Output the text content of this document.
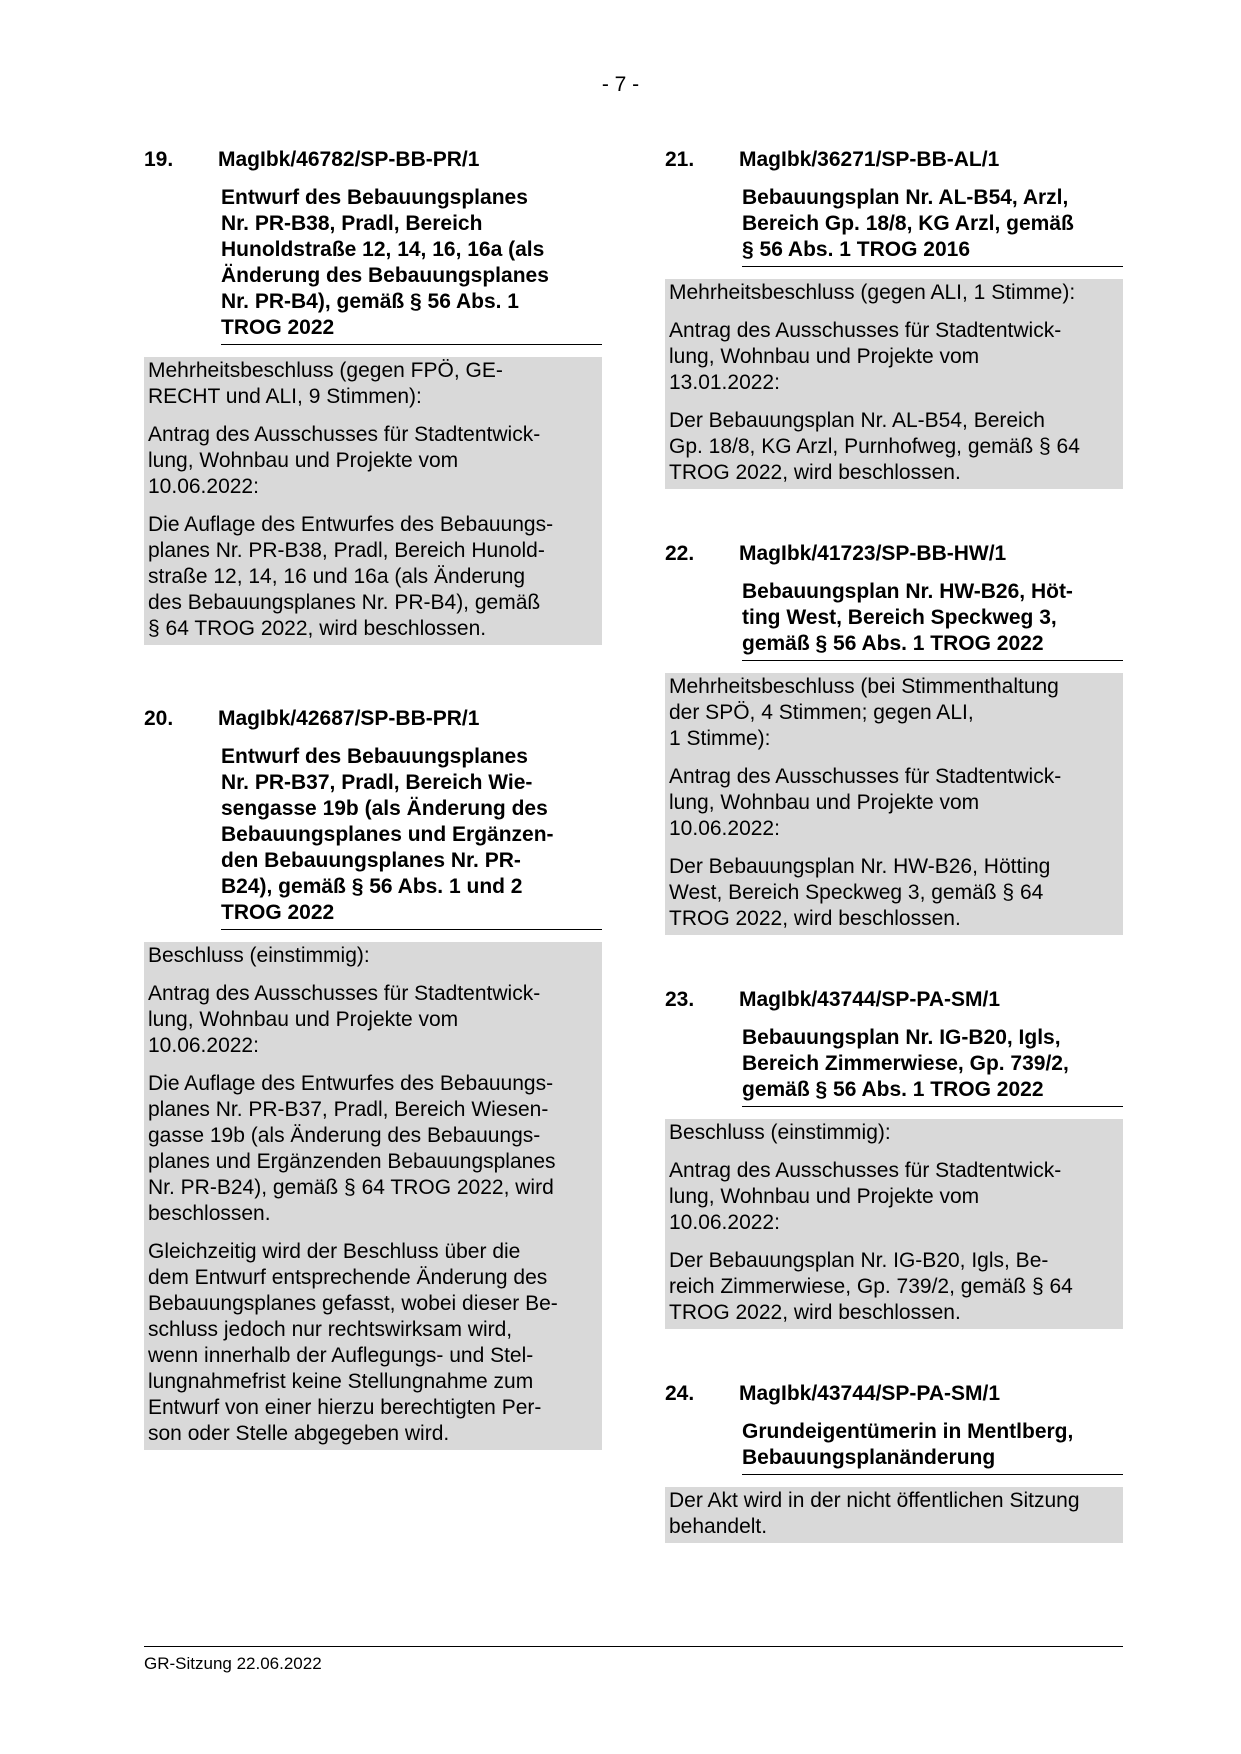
- 7 -
19.	MagIbk/46782/SP-BB-PR/1
Entwurf des Bebauungsplanes
Nr. PR-B38, Pradl, Bereich
Hunoldstraße 12, 14, 16, 16a (als
Änderung des Bebauungsplanes
Nr. PR-B4), gemäß § 56 Abs. 1
TROG 2022

Mehrheitsbeschluss (gegen FPÖ, GE-
RECHT und ALI, 9 Stimmen):

Antrag des Ausschusses für Stadtentwick-
lung, Wohnbau und Projekte vom
10.06.2022:

Die Auflage des Entwurfes des Bebauungs-
planes Nr. PR-B38, Pradl, Bereich Hunold-
straße 12, 14, 16 und 16a (als Änderung
des Bebauungsplanes Nr. PR-B4), gemäß
§ 64 TROG 2022, wird beschlossen.

20.	MagIbk/42687/SP-BB-PR/1
Entwurf des Bebauungsplanes
Nr. PR-B37, Pradl, Bereich Wie-
sengasse 19b (als Änderung des
Bebauungsplanes und Ergänzen-
den Bebauungsplanes Nr. PR-
B24), gemäß § 56 Abs. 1 und 2
TROG 2022

Beschluss (einstimmig):

Antrag des Ausschusses für Stadtentwick-
lung, Wohnbau und Projekte vom
10.06.2022:

Die Auflage des Entwurfes des Bebauungs-
planes Nr. PR-B37, Pradl, Bereich Wiesen-
gasse 19b (als Änderung des Bebauungs-
planes und Ergänzenden Bebauungsplanes
Nr. PR-B24), gemäß § 64 TROG 2022, wird
beschlossen.

Gleichzeitig wird der Beschluss über die
dem Entwurf entsprechende Änderung des
Bebauungsplanes gefasst, wobei dieser Be-
schluss jedoch nur rechtswirksam wird,
wenn innerhalb der Auflegungs- und Stel-
lungnahmefrist keine Stellungnahme zum
Entwurf von einer hierzu berechtigten Per-
son oder Stelle abgegeben wird.

21.	MagIbk/36271/SP-BB-AL/1
Bebauungsplan Nr. AL-B54, Arzl,
Bereich Gp. 18/8, KG Arzl, gemäß
§ 56 Abs. 1 TROG 2016

Mehrheitsbeschluss (gegen ALI, 1 Stimme):

Antrag des Ausschusses für Stadtentwick-
lung, Wohnbau und Projekte vom
13.01.2022:

Der Bebauungsplan Nr. AL-B54, Bereich
Gp. 18/8, KG Arzl, Purnhofweg, gemäß § 64
TROG 2022, wird beschlossen.

22.	MagIbk/41723/SP-BB-HW/1
Bebauungsplan Nr. HW-B26, Höt-
ting West, Bereich Speckweg 3,
gemäß § 56 Abs. 1 TROG 2022

Mehrheitsbeschluss (bei Stimmenthaltung
der SPÖ, 4 Stimmen; gegen ALI,
1 Stimme):

Antrag des Ausschusses für Stadtentwick-
lung, Wohnbau und Projekte vom
10.06.2022:

Der Bebauungsplan Nr. HW-B26, Hötting
West, Bereich Speckweg 3, gemäß § 64
TROG 2022, wird beschlossen.

23.	MagIbk/43744/SP-PA-SM/1
Bebauungsplan Nr. IG-B20, Igls,
Bereich Zimmerwiese, Gp. 739/2,
gemäß § 56 Abs. 1 TROG 2022

Beschluss (einstimmig):

Antrag des Ausschusses für Stadtentwick-
lung, Wohnbau und Projekte vom
10.06.2022:

Der Bebauungsplan Nr. IG-B20, Igls, Be-
reich Zimmerwiese, Gp. 739/2, gemäß § 64
TROG 2022, wird beschlossen.

24.	MagIbk/43744/SP-PA-SM/1
Grundeigentümerin in Mentlberg,
Bebauungsplanänderung

Der Akt wird in der nicht öffentlichen Sitzung
behandelt.

GR-Sitzung 22.06.2022
